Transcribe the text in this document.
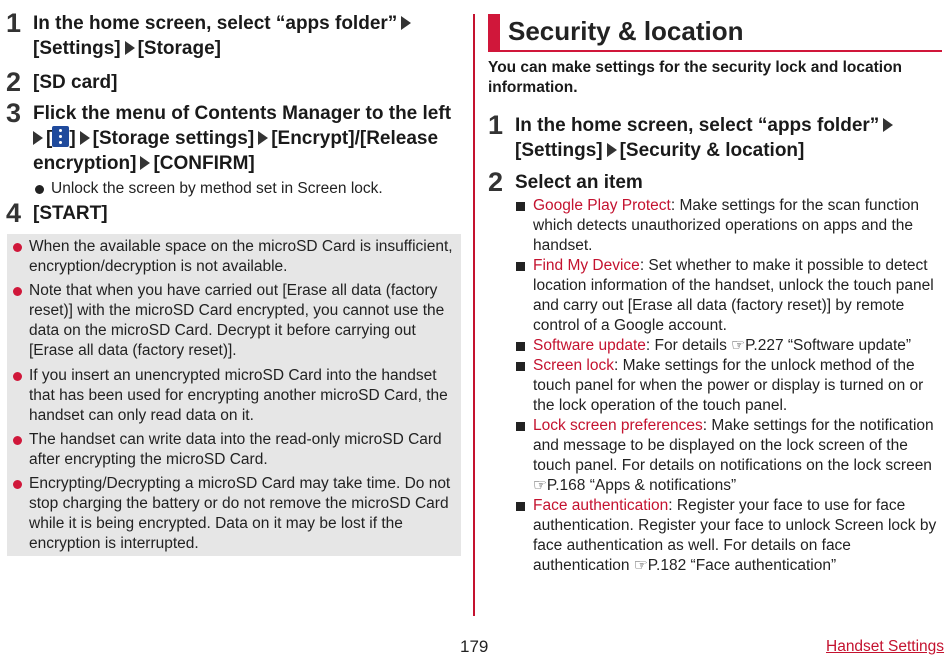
1 In the home screen, select “apps folder”
[Settings] [Storage]
2 [SD card]
3 Flick the menu of Contents Manager to the left
[ ] [Storage settings] [Encrypt]/[Release encryption] [CONFIRM]
Unlock the screen by method set in Screen lock.
4 [START]
When the available space on the microSD Card is insufficient, encryption/decryption is not available.
Note that when you have carried out [Erase all data (factory reset)] with the microSD Card encrypted, you cannot use the data on the microSD Card. Decrypt it before carrying out [Erase all data (factory reset)].
If you insert an unencrypted microSD Card into the handset that has been used for encrypting another microSD Card, the handset can only read data on it.
The handset can write data into the read-only microSD Card after encrypting the microSD Card.
Encrypting/Decrypting a microSD Card may take time. Do not stop charging the battery or do not remove the microSD Card while it is being encrypted. Data on it may be lost if the encryption is interrupted.
Security & location
You can make settings for the security lock and location information.
1 In the home screen, select “apps folder”
[Settings] [Security & location]
2 Select an item
Google Play Protect: Make settings for the scan function which detects unauthorized operations on apps and the handset.
Find My Device: Set whether to make it possible to detect location information of the handset, unlock the touch panel and carry out [Erase all data (factory reset)] by remote control of a Google account.
Software update: For details ☞P.227 “Software update”
Screen lock: Make settings for the unlock method of the touch panel for when the power or display is turned on or the lock operation of the touch panel.
Lock screen preferences: Make settings for the notification and message to be displayed on the lock screen of the touch panel. For details on notifications on the lock screen ☞P.168 “Apps & notifications”
Face authentication: Register your face to use for face authentication. Register your face to unlock Screen lock by face authentication as well. For details on face authentication ☞P.182 “Face authentication”
179	Handset Settings
